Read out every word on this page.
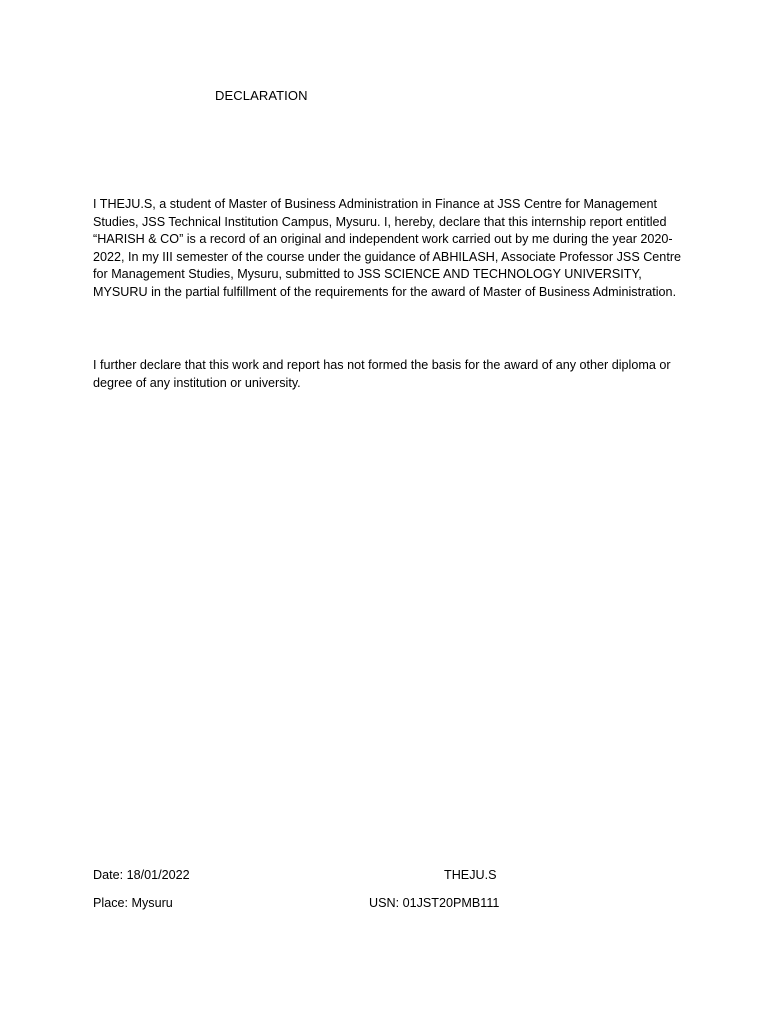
DECLARATION

I THEJU.S, a student of Master of Business Administration in Finance at JSS Centre for Management Studies, JSS Technical Institution Campus, Mysuru. I, hereby, declare that this internship report entitled “HARISH & CO” is a record of an original and independent work carried out by me during the year 2020- 2022, In my III semester of the course under the guidance of ABHILASH, Associate Professor JSS Centre for Management Studies, Mysuru, submitted to JSS SCIENCE AND TECHNOLOGY UNIVERSITY, MYSURU in the partial fulfillment of the requirements for the award of Master of Business Administration.

I further declare that this work and report has not formed the basis for the award of any other diploma or degree of any institution or university.

Date: 18/01/2022
Place: Mysuru
THEJU.S
USN: 01JST20PMB111
